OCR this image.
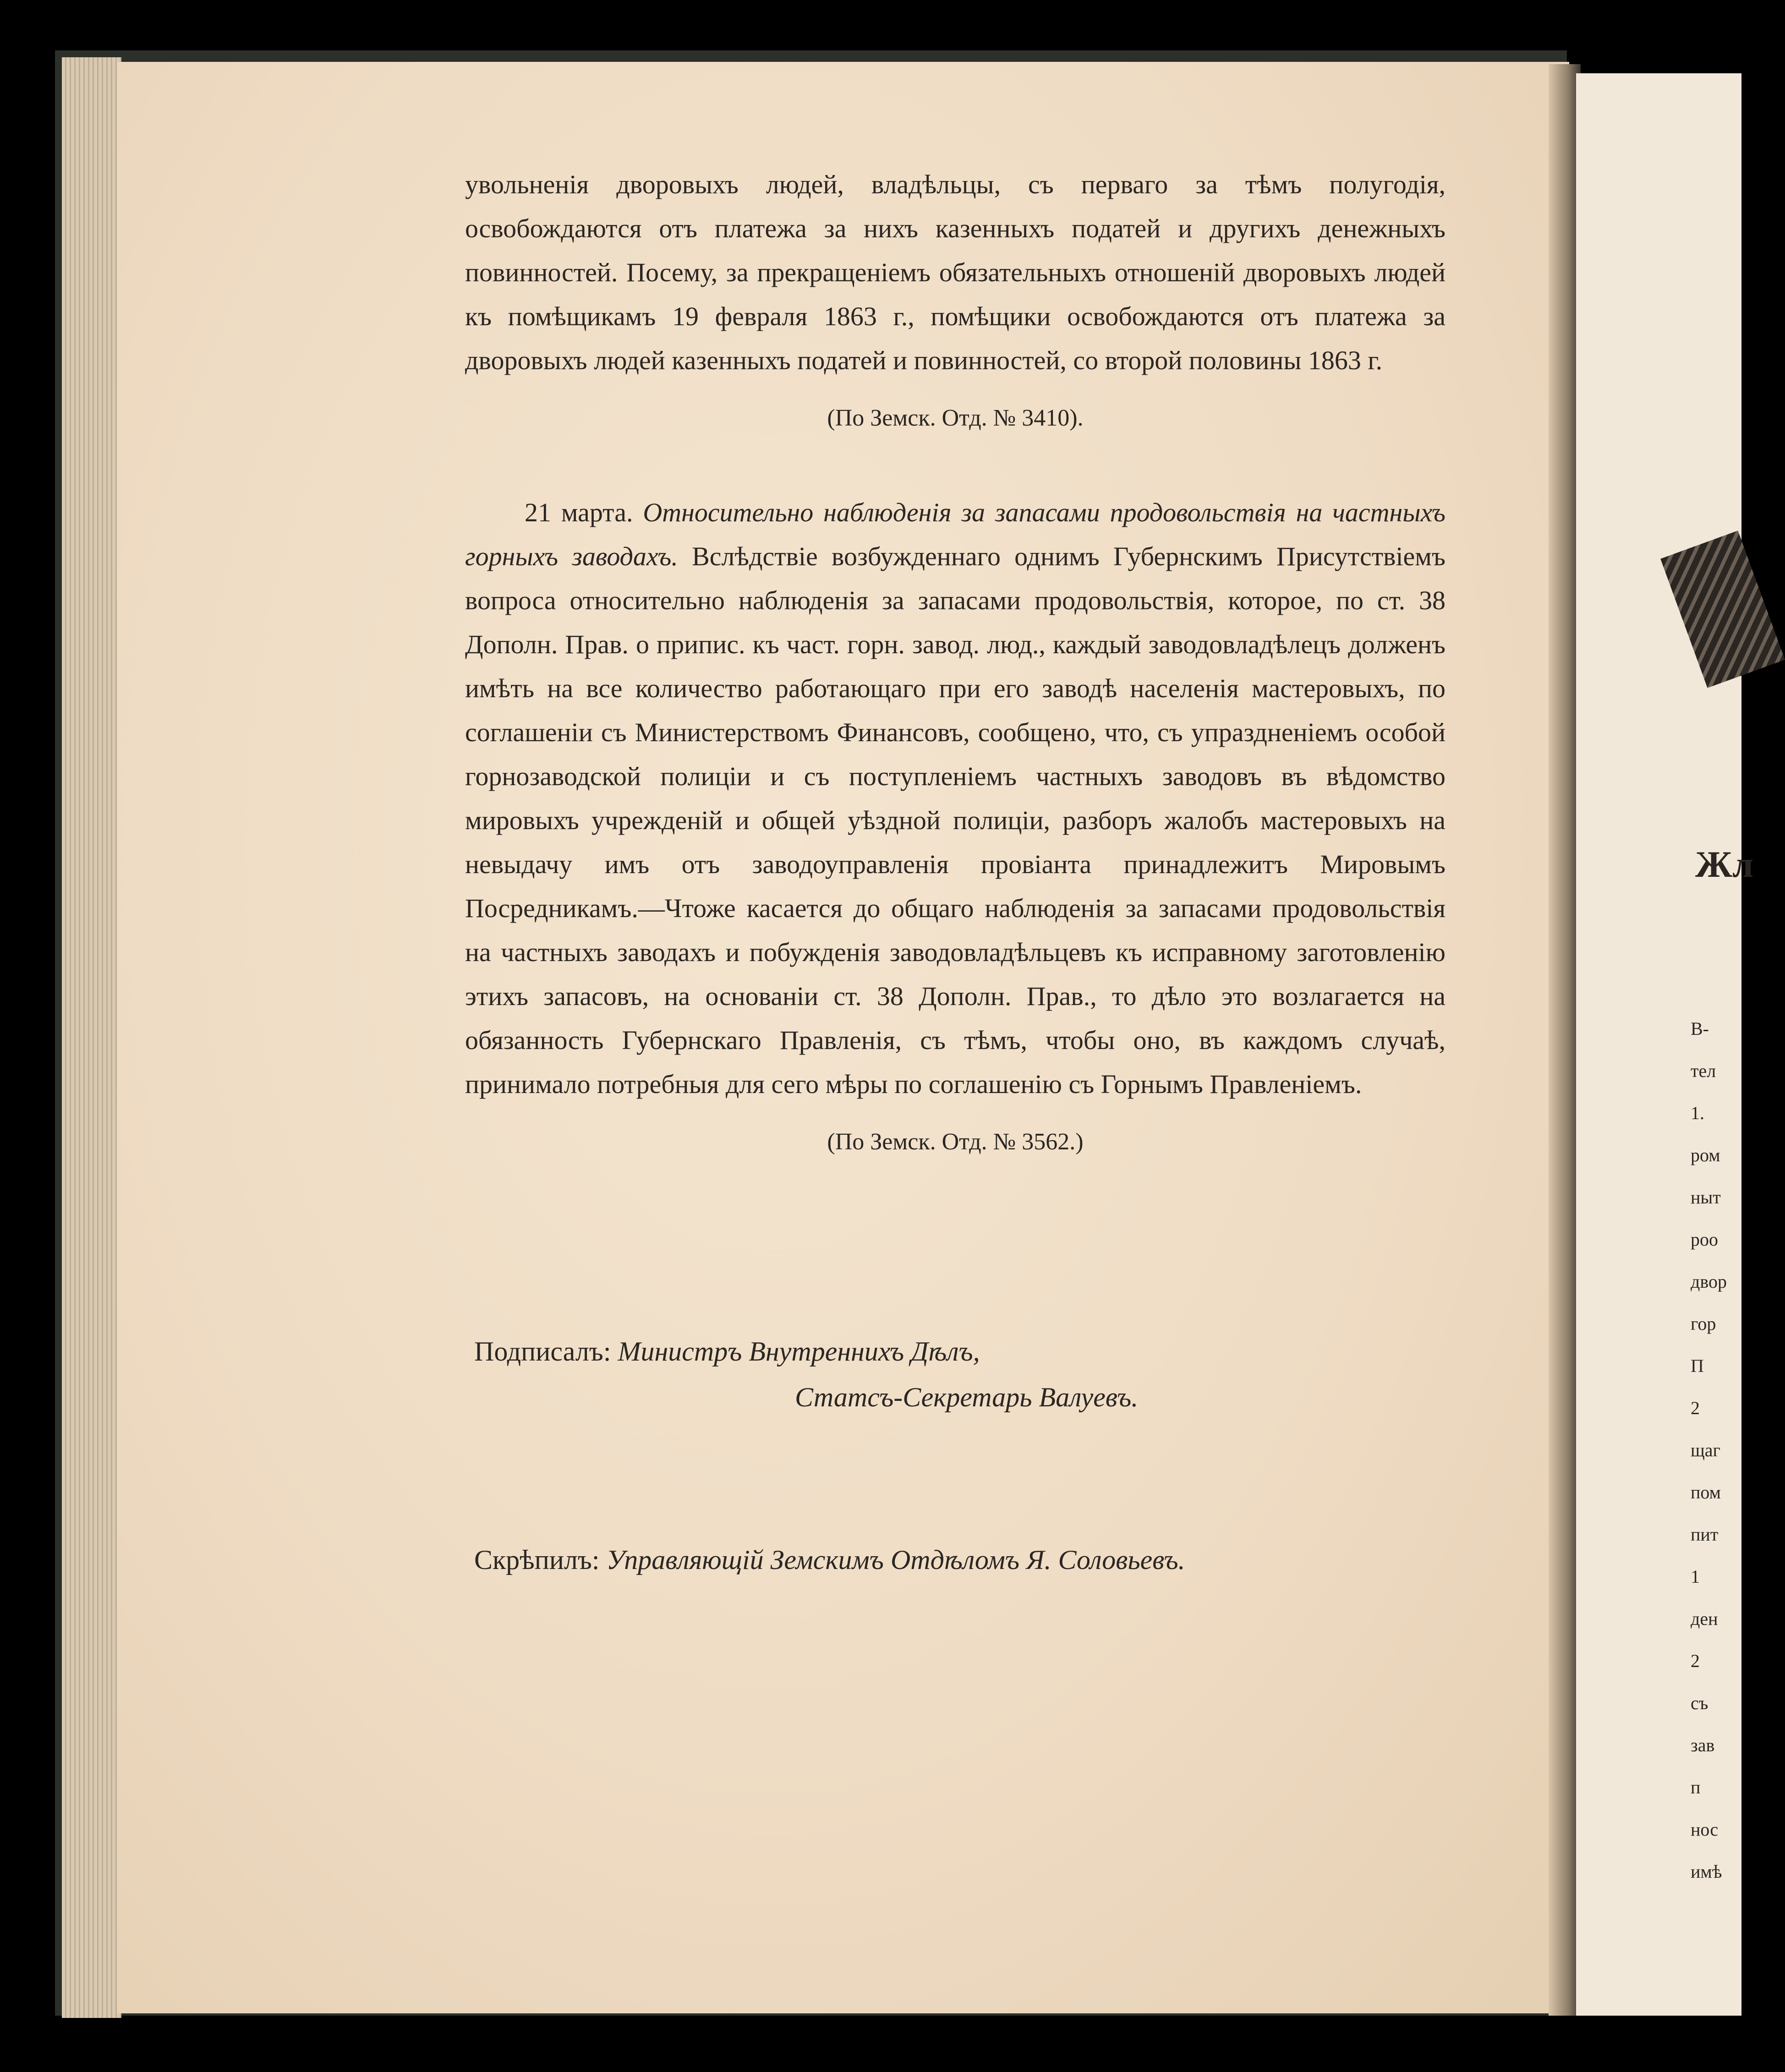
увольненія дворовыхъ людей, владѣльцы, съ перваго за тѣмъ полугодія, освобождаются отъ платежа за нихъ казенныхъ податей и другихъ денежныхъ повинностей. Посему, за прекращеніемъ обязательныхъ отношеній дворовыхъ людей къ помѣщикамъ 19 февраля 1863 г., помѣщики освобождаются отъ платежа за дворовыхъ людей казенныхъ податей и повинностей, со второй половины 1863 г.

(По Земск. Отд. № 3410).

21 марта. Относительно наблюденія за запасами продовольствія на частныхъ горныхъ заводахъ. Вслѣдствіе возбужденнаго однимъ Губернскимъ Присутствіемъ вопроса относительно наблюденія за запасами продовольствія, которое, по ст. 38 Дополн. Прав. о припис. къ част. горн. завод. люд., каждый заводовладѣлецъ долженъ имѣть на все количество работающаго при его заводѣ населенія мастеровыхъ, по соглашеніи съ Министерствомъ Финансовъ, сообщено, что, съ упраздненіемъ особой горнозаводской полиціи и съ поступленіемъ частныхъ заводовъ въ вѣдомство мировыхъ учрежденій и общей уѣздной полиціи, разборъ жалобъ мастеровыхъ на невыдачу имъ отъ заводоуправленія провіанта принадлежитъ Мировымъ Посредникамъ.—Чтоже касается до общаго наблюденія за запасами продовольствія на частныхъ заводахъ и побужденія заводовладѣльцевъ къ исправному заготовленію этихъ запасовъ, на основаніи ст. 38 Дополн. Прав., то дѣло это возлагается на обязанность Губернскаго Правленія, съ тѣмъ, чтобы оно, въ каждомъ случаѣ, принимало потребныя для сего мѣры по соглашенію съ Горнымъ Правленіемъ.

(По Земск. Отд. № 3562.)

Подписалъ: Министръ Внутреннихъ Дѣлъ,
Статсъ-Секретарь Валуевъ.
Скрѣпилъ: Управляющій Земскимъ Отдѣломъ Я. Соловьевъ.
Жл
В-
тел
1.
ром
ныт
роо
двор
гор
П
2
щаг
пом
пит
1
ден
2
съ
зав
п
нос
имѣ
